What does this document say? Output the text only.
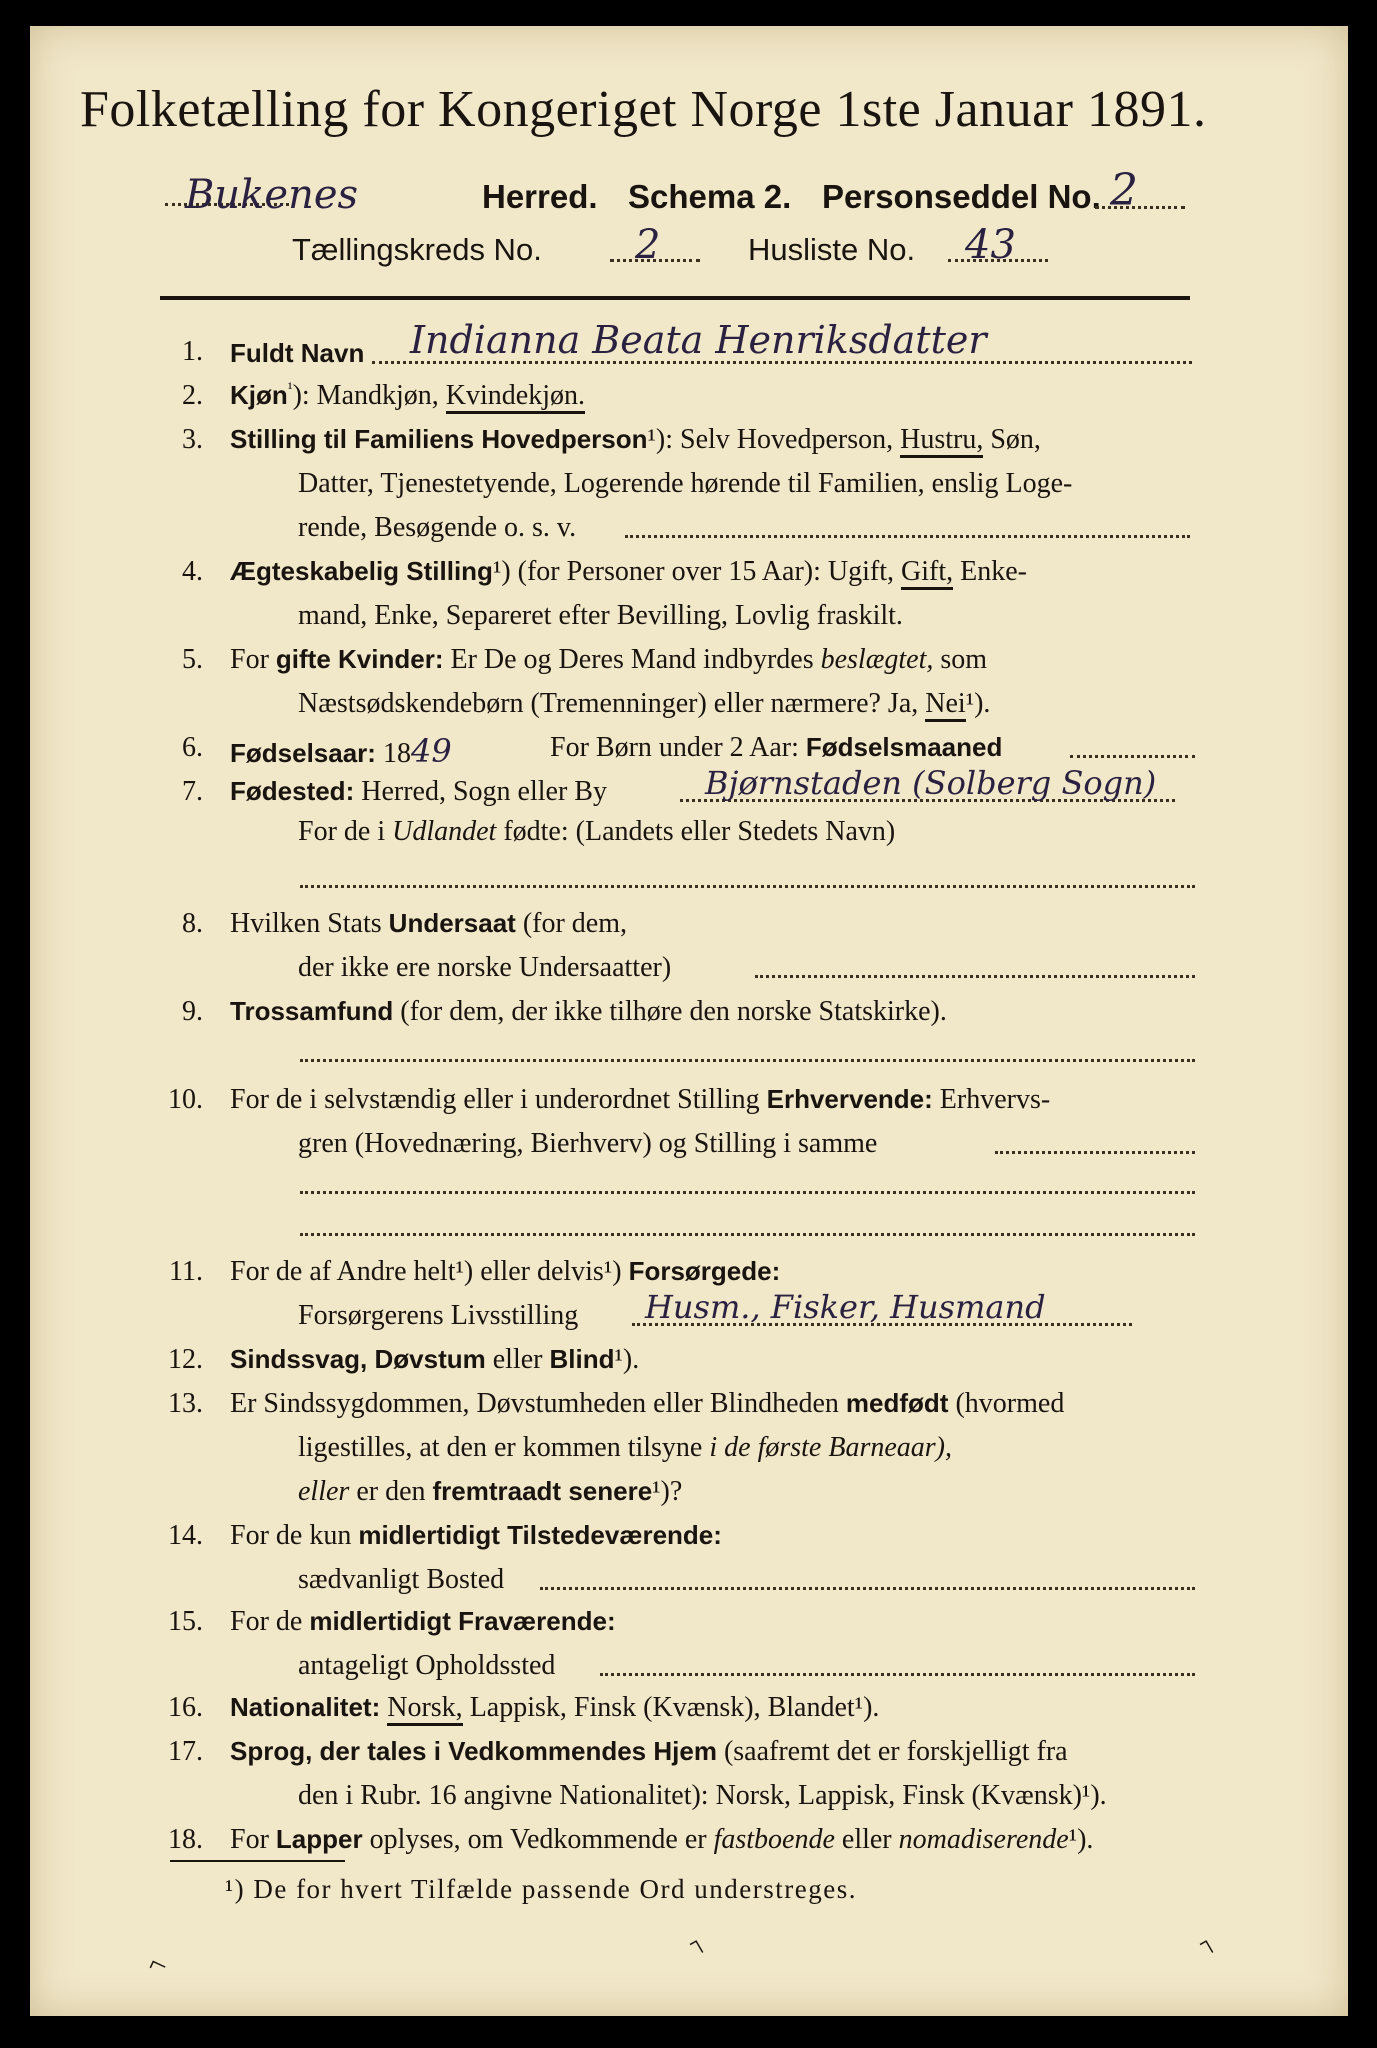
Folketælling for Kongeriget Norge 1ste Januar 1891.
Bukenes	Herred. Schema 2. Personseddel No. 2
Tællingskreds No. 2	Husliste No. 43
1. Fuldt Navn Indianna Beata Henriksdatter
2. Kjøn$^{^1}$): Mandkjøn, Kvindekjøn.
3. Stilling til Familiens Hovedperson¹): Selv Hovedperson, Hustru, Søn,
Datter, Tjenestetyende, Logerende hørende til Familien, enslig Loge-
rende, Besøgende o. s. v.
4. Ægteskabelig Stilling¹) (for Personer over 15 Aar): Ugift, Gift, Enke-
mand, Enke, Separeret efter Bevilling, Lovlig fraskilt.
5. For gifte Kvinder: Er De og Deres Mand indbyrdes beslægtet, som
Næstsødskendebørn (Tremenninger) eller nærmere? Ja, Nei¹).
6. Fødselsaar: 1849	For Børn under 2 Aar: Fødselsmaaned
7. Fødested: Herred, Sogn eller By	Bjørnstaden (Solberg Sogn)
For de i Udlandet fødte: (Landets eller Stedets Navn)
8. Hvilken Stats Undersaat (for dem,
der ikke ere norske Undersaatter)
9. Trossamfund (for dem, der ikke tilhøre den norske Statskirke).
10. For de i selvstændig eller i underordnet Stilling Erhvervende: Erhvervs-
gren (Hovednæring, Bierhverv) og Stilling i samme
11. For de af Andre helt¹) eller delvis¹) Forsørgede:
Forsørgerens Livsstilling Husm., Fisker, Husmand
12. Sindssvag, Døvstum eller Blind¹).
13. Er Sindssygdommen, Døvstumheden eller Blindheden medfødt (hvormed
ligestilles, at den er kommen tilsyne i de første Barneaar),
eller er den fremtraadt senere¹)?
14. For de kun midlertidigt Tilstedeværende:
sædvanligt Bosted
15. For de midlertidigt Fraværende:
antageligt Opholdssted
16. Nationalitet: Norsk, Lappisk, Finsk (Kvænsk), Blandet¹).
17. Sprog, der tales i Vedkommendes Hjem (saafremt det er forskjelligt fra
den i Rubr. 16 angivne Nationalitet): Norsk, Lappisk, Finsk (Kvænsk)¹).
18. For Lapper oplyses, om Vedkommende er fastboende eller nomadiserende¹).
¹) De for hvert Tilfælde passende Ord understreges.
⌐	⌐	⌐
